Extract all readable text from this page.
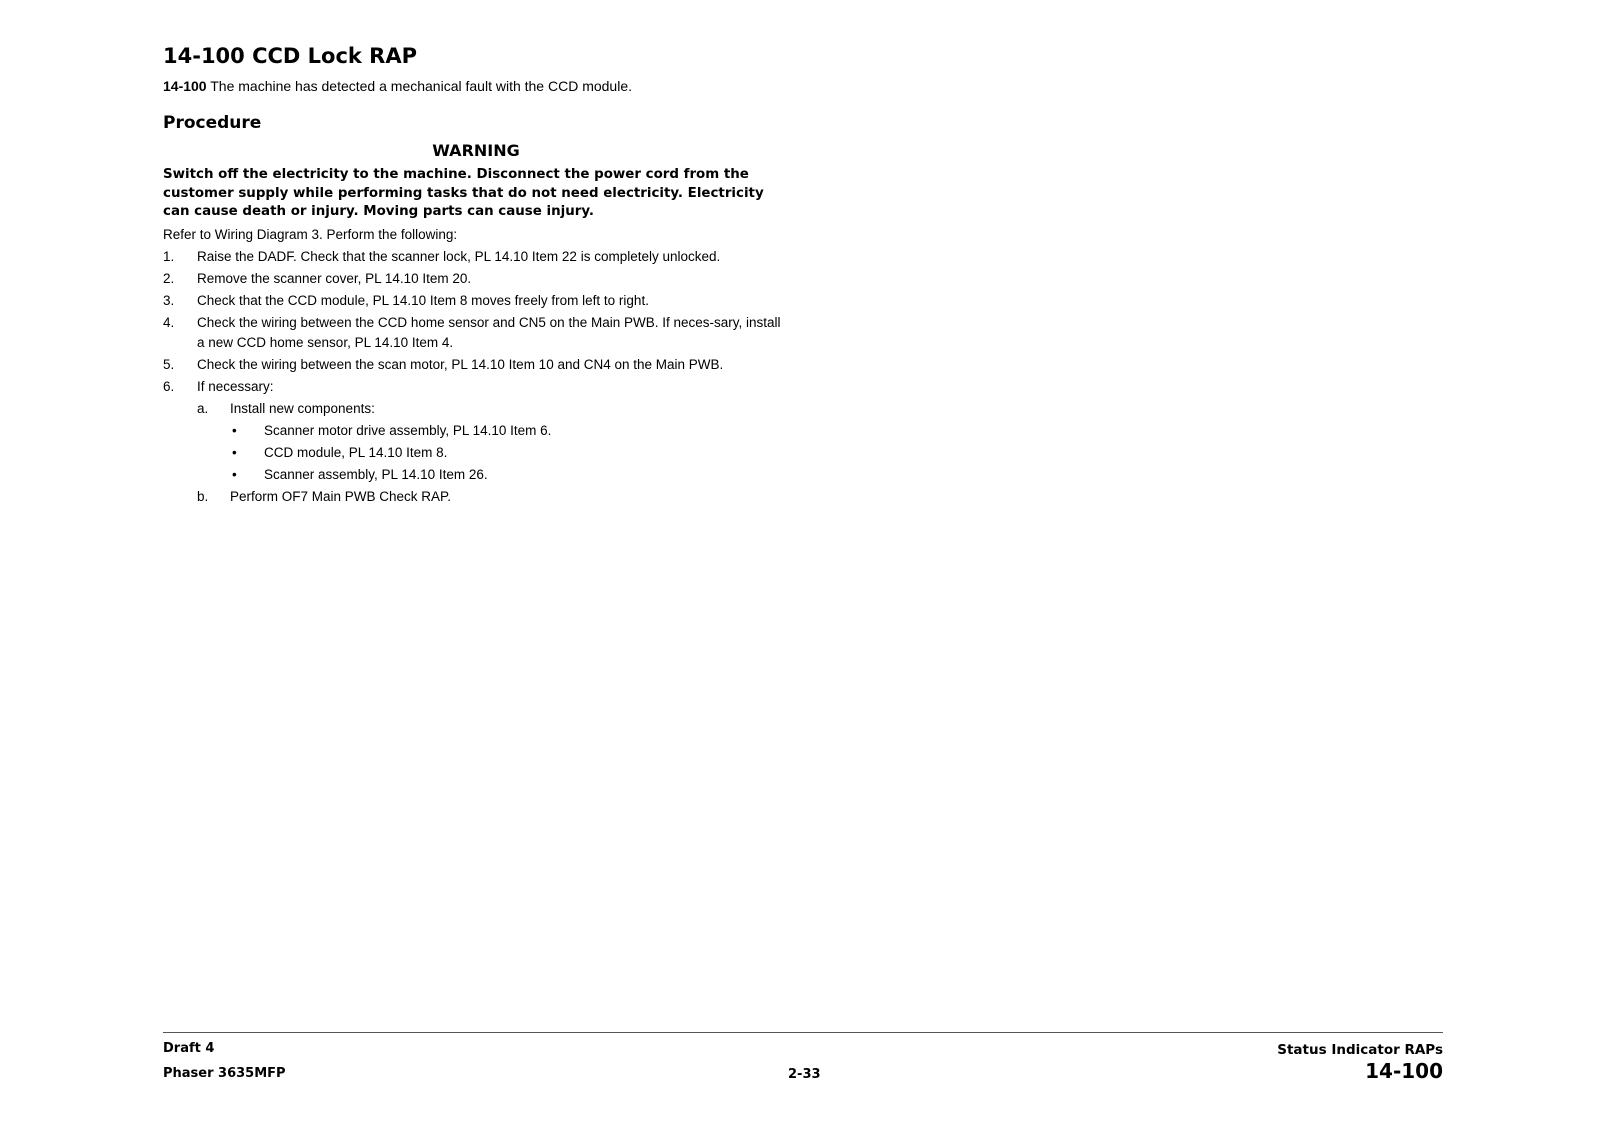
14-100 CCD Lock RAP

14-100 The machine has detected a mechanical fault with the CCD module.

Procedure
WARNING

Switch off the electricity to the machine. Disconnect the power cord from the customer supply while performing tasks that do not need electricity. Electricity can cause death or injury. Moving parts can cause injury.

Refer to Wiring Diagram 3. Perform the following:

1. Raise the DADF. Check that the scanner lock, PL 14.10 Item 22 is completely unlocked.
2. Remove the scanner cover, PL 14.10 Item 20.
3. Check that the CCD module, PL 14.10 Item 8 moves freely from left to right.
4. Check the wiring between the CCD home sensor and CN5 on the Main PWB. If neces-sary, install a new CCD home sensor, PL 14.10 Item 4.
5. Check the wiring between the scan motor, PL 14.10 Item 10 and CN4 on the Main PWB.
6. If necessary:
a. Install new components:
• Scanner motor drive assembly, PL 14.10 Item 6.
• CCD module, PL 14.10 Item 8.
• Scanner assembly, PL 14.10 Item 26.
b. Perform OF7 Main PWB Check RAP.
Draft 4
Phaser 3635MFP	2-33
Status Indicator RAPs
14-100
